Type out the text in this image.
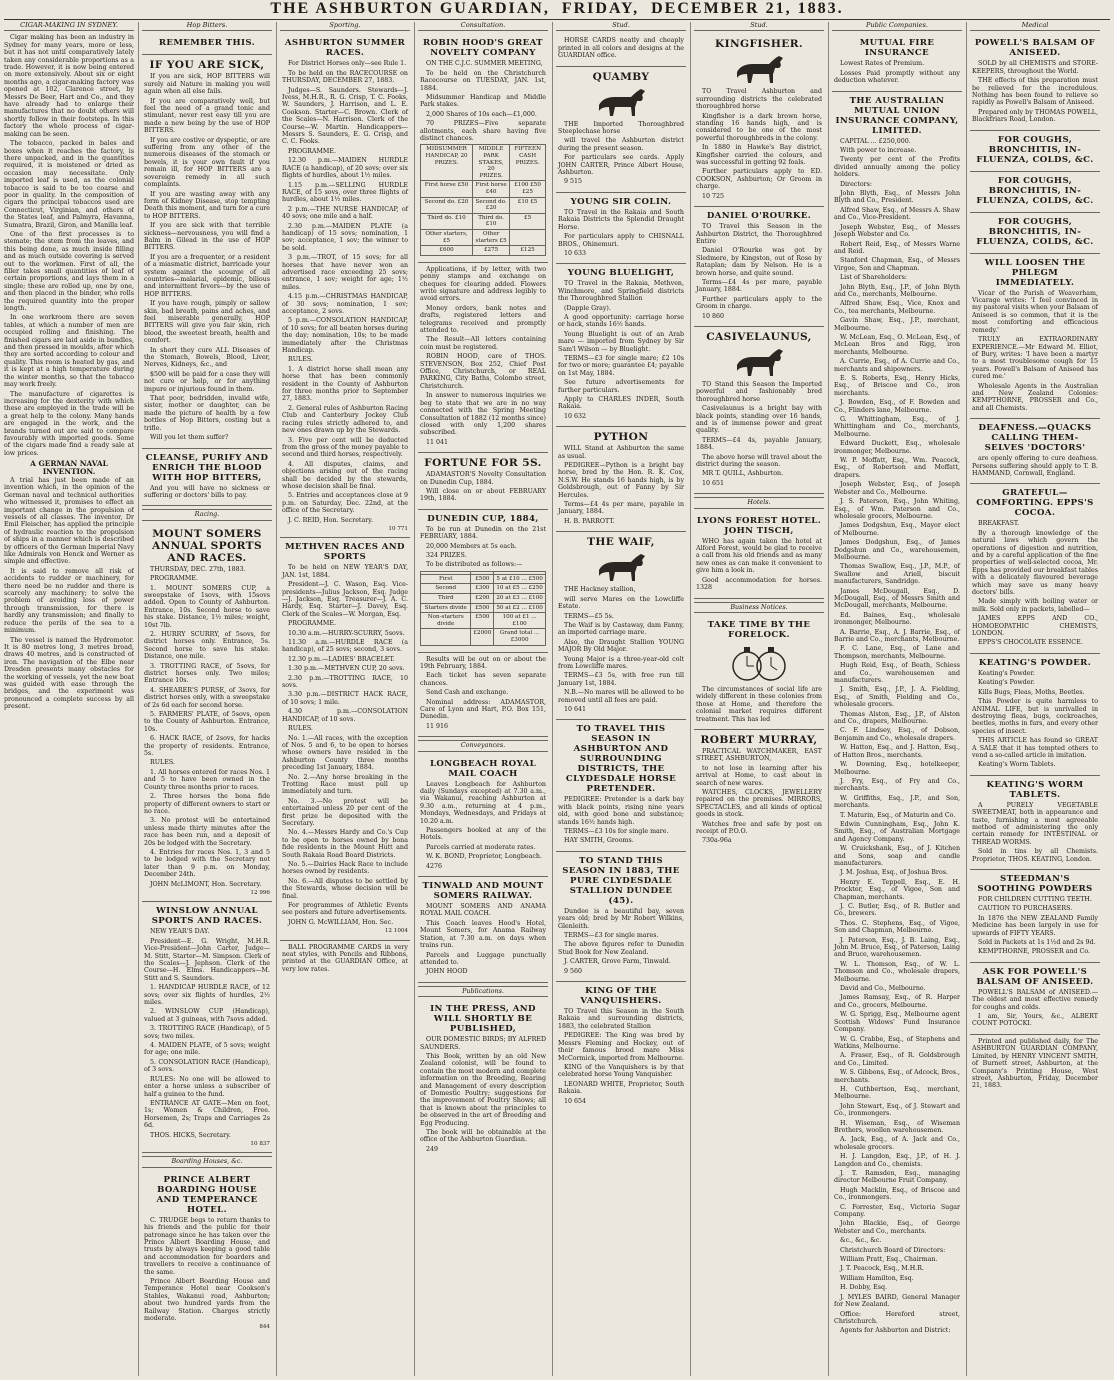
THE ASHBURTON GUARDIAN, FRIDAY, DECEMBER 21, 1883.
CIGAR-MAKING IN SYDNEY.

Cigar making has been an industry in Sydney for many years, more or less, but it has not until comparatively lately taken any considerable proportions as a trade. However, it is now being entered on more extensively. About six or eight months ago, a cigar-making factory was opened at 102, Clarence street, by Messrs De Beer, Hart and Co., and they have already had to enlarge their manufactures that no doubt others will shortly follow in their footsteps. In this factory the whole process of cigar-making can be seen.

The tobacco, packed in bales and boxes when it reaches the factory, is there unpacked, and in the quantities required, it is moistened or dried as occasion may necessitate. Only imported leaf is used, as the colonial tobacco is said to be too coarse and poor in quality. In the composition of cigars the principal tobaccos used are Connecticut, Virginian, and others of the States leaf, and Palmyra, Havanna, Sumatra, Brazil, Giron, and Manilla leaf.

One of the first processes is to stemate; the stem from the leaves, and this being done, as much inside filling and as much outside covering is served out to the workmen. First of all, the filler takes small quantities of leaf of certain proportions, and lays them in a single; these are rolled up, one by one, and then placed in the binder, who rolls the required quantity into the proper length.

In one workroom there are seven tables, at which a number of men are occupied rolling and finishing. The finished cigars are laid aside in bundles, and then pressed in moulds, after which they are sorted according to colour and quality. This room is heated by gas, and it is kept at a high temperature during the winter months, so that the tobacco may work freely.

The manufacture of cigarettes is increasing for the dexterity with which these are employed in the trade will be a great help to the colony. Many hands are engaged in the work, and the brands turned out are said to compare favourably with imported goods. Some of the cigars made find a ready sale at low prices.

A GERMAN NAVAL INVENTION.

A trial has just been made of an invention which, in the opinion of the German naval and technical authorities who witnessed it, promises to effect an important change in the propulsion of vessels of all classes. The inventor, Dr Emil Fleischer, has applied the principle of hydraulic reaction to the propulsion of ships in a manner which is described by officers of the German Imperial Navy like Admirals von Henck and Werner as simple and effective.

It is said to remove all risk of accidents to rudder or machinery, for there need be no rudder and there is scarcely any machinery; to solve the problem of avoiding loss of power through transmission, for there is hardly any transmission; and finally to reduce the perils of the sea to a minimum.

The vessel is named the Hydromotor. It is 80 metres long, 3 metres broad, draws 40 metres, and is constructed of iron. The navigation of the Elbe near Dresden presents many obstacles for the working of vessels, yet the new boat was guided with ease through the bridges, and the experiment was pronounced a complete success by all present.

Hop Bitters.
REMEMBER THIS.
IF YOU ARE SICK,

If you are sick, HOP BITTERS will surely aid Nature in making you well again when all else fails.

If you are comparatively well, but feel the need of a grand tonic and stimulant, never rest easy till you are made a new being by the use of HOP BITTERS.

If you are costive or dyspeptic, or are suffering from any other of the numerous diseases of the stomach or bowels, it is your own fault if you remain ill, for HOP BITTERS are a sovereign remedy in all such complaints.

If you are wasting away with any form of Kidney Disease, stop tempting Death this moment, and turn for a cure to HOP BITTERS.

If you are sick with that terrible sickness—nervousness, you will find a Balm in Gilead in the use of HOP BITTERS.

If you are a frequenter, or a resident of a miasmatic district, barricade your system against the scourge of all countries—malarial, epidemic, bilious and intermittent fevers—by the use of HOP BITTERS.

If you have rough, pimply or sallow skin, bad breath, pains and aches, and feel miserable generally, HOP BITTERS will give you fair skin, rich blood, the sweetest breath, health and comfort.

In short they cure ALL Diseases of the Stomach, Bowels, Blood, Liver, Nerves, Kidneys, &c., and

$500 will be paid for a case they will not cure or help, or for anything impure or injurious found in them.

That poor, bedridden, invalid wife, sister, mother or daughter, can be made the picture of health by a few bottles of Hop Bitters, costing but a trifle.

Will you let them suffer?

CLEANSE, PURIFY AND ENRICH THE BLOOD WITH HOP BITTERS,

And you will have no sickness or suffering or doctors' bills to pay.

Racing.
MOUNT SOMERS ANNUAL SPORTS AND RACES.

THURSDAY, DEC. 27th, 1883.

PROGRAMME.

1. MOUNT SOMERS CUP, a sweepstake of 1sovs, with 15sovs added. Open to County of Ashburton. Entrance, 10s. Second horse to save his stake. Distance, 1½ miles; weight, 10st 7lb.

2. HURRY SCURRY, of 5sovs, for district horses only. Entrance, 5s. Second horse to save his stake. Distance, one mile.

3. TROTTING RACE, of 5sovs, for district horses only. Two miles; Entrance 10s.

4. SHEARER'S PURSE, of 3sovs, for district horses only, with a sweepstake of 2s 6d each for second horse.

5. FARMERS' PLATE, of 5sovs, open to the County of Ashburton. Entrance, 10s.

6. HACK RACE, of 2sovs, for hacks the property of residents. Entrance, 5s.

RULES.

1. All horses entered for races Nos. 1 and 5 to have been owned in the County three months prior to races.

2. Three horses the bona fide property of different owners to start or no race.

3. No protest will be entertained unless made thirty minutes after the race has been run, and a deposit of 20s be lodged with the Secretary.

4. Entries for races Nos. 1, 3 and 5 to be lodged with the Secretary not later than 9 p.m. on Monday, December 24th.

JOHN McLIMONT, Hon. Secretary.

12 996
WINSLOW ANNUAL SPORTS AND RACES.

NEW YEAR'S DAY.

President—E. G. Wright, M.H.R. Vice-President—John Carter, Judge—M. Stitt, Starter—M. Simpson. Clerk of the Scales—J. Jephson. Clerk of the Course—H. Elms. Handicappers—M. Stitt and S. Saunders.

1. HANDICAP HURDLE RACE, of 12 sovs; over six flights of hurdles, 2½ miles.

2. WINSLOW CUP (Handicap), valued at 3 guineas, with 7sovs added.

3. TROTTING RACE (Handicap), of 5 sovs; two miles.

4. MAIDEN PLATE, of 5 sovs; weight for age; one mile.

5. CONSOLATION RACE (Handicap), of 3 sovs.

RULES: No one will be allowed to enter a horse unless a subscriber of half a guinea to the fund.

ENTRANCE AT GATE—Men on foot, 1s; Women & Children, Free. Horsemen, 2s; Traps and Carriages 2s 6d.

THOS. HICKS, Secretary.

10 837
Boarding Houses, &c.
PRINCE ALBERT BOARDING HOUSE AND TEMPERANCE HOTEL.

C. TRUDGE begs to return thanks to his friends and the public for their patronage since he has taken over the Prince Albert Boarding House, and trusts by always keeping a good table and accommodation for boarders and travellers to receive a continuance of the same.

Prince Albert Boarding House and Temperance Hotel near Cookson's Stables, Wakanui road, Ashburton; about two hundred yards from the Railway Station. Charges strictly moderate.

844
Sporting.
ASHBURTON SUMMER RACES.

For District Horses only—see Rule 1.

To be held on the RACECOURSE on THURSDAY, DECEMBER 27, 1883.

Judges—S. Saunders. Stewards—J. Ivess, M.H.R., R. G. Crisp, T. C. Fooks, W. Saunders, J. Harrison, and L. E. Cookson. Starter—C. Brown. Clerk of the Scales—N. Harrison. Clerk of the Course—W. Martin. Handicappers—Messrs S. Saunders, E. G. Crisp, and C. C. Fooks.

PROGRAMME.

12.30 p.m.—MAIDEN HURDLE RACE (a handicap), of 20 sovs; over six flights of hurdles, about 1½ miles.

1.15 p.m.—SELLING HURDLE RACE, of 15 sovs, over three flights of hurdles, about 1½ miles.

2 p.m.—THE NURSE HANDICAP, of 40 sovs; one mile and a half.

2.30 p.m.—MAIDEN PLATE (a handicap) of 15 sovs; nomination, 1 sov; acceptance, 1 sov; the winner to be sold.

3 p.m.—TROT, of 15 sovs; for all horses that have never won an advertised race exceeding 25 sovs; entrance, 1 sov; weight for age; 1½ miles.

4.15 p.m.—CHRISTMAS HANDICAP, of 30 sovs; nomination, 1 sov; acceptance, 2 sovs.

5 p.m.—CONSOLATION HANDICAP, of 10 sovs; for all beaten horses during the day; nomination, 10s; to be made immediately after the Christmas Handicap.

RULES.

1. A district horse shall mean any horse that has been commonly resident in the County of Ashburton for three months prior to September 27, 1883.

2. General rules of Ashburton Racing Club and Canterbury Jockey Club racing rules strictly adhered to, and new ones drawn up by the Stewards.

3. Five per cent will be deducted from the gross of the money payable to second and third horses, respectively.

4. All disputes, claims, and objections arising out of the racing shall be decided by the stewards, whose decision shall be final.

5. Entries and acceptances close at 9 p.m. on Saturday, Dec. 22nd, at the office of the Secretary.

J. C. REID, Hon. Secretary.

10 771
METHVEN RACES AND SPORTS

To be held on NEW YEAR'S DAY, JAN. 1st, 1884.

President—J. C. Wason, Esq. Vice-presidents—Julius Jackson, Esq. Judge—J. Jackson, Esq. Treasurer—J. A. C. Hardy, Esq. Starter—J. Davey, Esq. Clerk of the Scales—W. Morgan, Esq.

PROGRAMME.

10.30 a.m.—HURRY-SCURRY, 5sovs.

11.30 a.m.—HURDLE RACE (a handicap), of 25 sovs; second, 3 sovs.

12.30 p.m.—LADIES' BRACELET.

1.30 p.m.—METHVEN CUP, 20 sovs.

2.30 p.m.—TROTTING RACE, 10 sovs.

3.30 p.m.—DISTRICT HACK RACE, of 10 sovs; 1 mile.

4.30 p.m.—CONSOLATION HANDICAP, of 10 sovs.

RULES.

No. 1.—All races, with the exception of Nos. 5 and 6, to be open to horses whose owners have resided in the Ashburton County three months preceding 1st January, 1884.

No. 2.—Any horse breaking in the Trotting Race must pull up immediately and turn.

No. 3.—No protest will be entertained unless 20 per cent of the first prize be deposited with the Secretary.

No. 4.—Messrs Hardy and Co.'s Cup to be open to horses owned by bona fide residents in the Mount Hutt and South Rakaia Road Board Districts.

No. 5.—Dairies Hack Race to include horses owned by residents.

No. 6.—All disputes to be settled by the Stewards, whose decision will be final.

For programmes of Athletic Events see posters and future advertisements.

JOHN G. McWILLIAM, Hon. Sec.

12 1004

BALL PROGRAMME CARDS in very neat styles, with Pencils and Ribbons, printed at the GUARDIAN Office, at very low rates.

Consultation.
ROBIN HOOD'S GREAT NOVELTY COMPANY

ON THE C.J.C. SUMMER MEETING,

To be held on the Christchurch Racecourse on TUESDAY, JAN. 1st, 1884.

Midsummer Handicap and Middle Park stakes.

2,000 Shares of 10s each—£1,000.

70 PRIZES—Five separate allotments, each share having five distinct chances.

MIDSUMMER HANDICAP, 20 PRIZES.	MIDDLE PARK STAKES, 20 PRIZES.	FIFTEEN CASH PRIZES.
First horse £50	First horse £40	£100 £50 £25
Second do. £20	Second do. £20	£10 £5
Third do. £10	Third do. £10	£5
Other starters, £5	Other starters £5	
£600	£275	£125

Applications, if by letter, with two penny stamps and exchange on cheques for clearing added. Flowers write signature and address legibly to avoid errors.

Money orders, bank notes and drafts, registered letters and telegrams received and promptly attended to.

The Result—All letters containing coin must be registered.

ROBIN HOOD, care of THOS. STEVENSON, Box 252, Chief Post Office, Christchurch, or REAL PARKING, City Baths, Colombo street, Christchurch.

In answer to numerous inquiries we beg to state that we are in no way connected with the Spring Meeting Consultation of 1882 (12 months since) closed with only 1,200 shares subscribed.

11 041

FORTUNE FOR 5S.

ADAMASTOR'S Novelty Consultation on Dunedin Cup, 1884.

Will close on or about FEBRUARY 19th, 1884.

DUNEDIN CUP, 1884,

To be run at Dunedin on the 21st FEBRUARY, 1884.

20,000 Members at 5s each.

324 PRIZES.

To be distributed as follows:—

First	£500	5 at £10 ... £500
Second	£300	10 at £5 ... £250
Third	£200	20 at £3 ... £100
Starters divide	£500	50 at £2 ... £100
Non-starters divide	£500	100 at £1 ... £100
	£2000	Grand total ... £3000

Results will be out on or about the 19th February, 1884.

Each ticket has seven separate chances.

Send Cash and exchange.

Nominal address: ADAMASTOR, Care of Lyon and Hart, P.O. Box 151, Dunedin.

11 916

Conveyances.
LONGBEACH ROYAL MAIL COACH

Leaves Longbeach for Ashburton daily (Sundays excepted) at 7.30 a.m., via Wakanui, reaching Ashburton at 9.30 a.m., returning at 4 p.m., Mondays, Wednesdays, and Fridays at 10.20 a.m.

Passengers booked at any of the Hotels.

Parcels carried at moderate rates.

W. K. BOND, Proprietor, Longbeach.

4276

TINWALD AND MOUNT SOMERS RAILWAY.

MOUNT SOMERS AND ANAMA ROYAL MAIL COACH.

This Coach leaves Hood's Hotel, Mount Somers, for Anama Railway Station, at 7.30 a.m. on days when trains run.

Parcels and Luggage punctually attended to.

JOHN HOOD

Publications.
IN THE PRESS, AND WILL SHORTLY BE PUBLISHED,

OUR DOMESTIC BIRDS; BY ALFRED SAUNDERS.

This Book, written by an old New Zealand colonist, will be found to contain the most modern and complete information on the Breeding, Rearing and Management of every description of Domestic Poultry; suggestions for the improvement of Poultry Shows; all that is known about the principles to be observed in the art of Breeding and Egg Producing.

The book will be obtainable at the office of the Ashburton Guardian.

249

Stud.

HORSE CARDS neatly and cheaply printed in all colors and designs at the GUARDIAN office.

QUAMBY

THE Imported Thoroughbred Steeplechase horse

will travel the Ashburton district during the present season.

For particulars see cards. Apply JOHN CARTER, Prince Albert House, Ashburton.

9 515

YOUNG SIR COLIN.

TO Travel in the Rakaia and South Rakaia Districts the Splendid Draught Horse.

For particulars apply to CHISNALL BROS., Ohinemuri.

10 633

YOUNG BLUELIGHT,

TO Travel in the Rakaia, Methven, Winchmore, and Springfield districts the Thoroughbred Stallion

(Dapple Gray).

A good opportunity: carriage horse or hack, stands 16½ hands.

Young Bluelight is out of an Arab mare — imported from Sydney by Sir Sam'l Wilson — by Bluelight.

TERMS—£3 for single mare; £2 10s for two or more; guarantee £4; payable on 1st May, 1884.

See future advertisements for further particulars.

Apply to CHARLES INDER, South Rakaia.

10 632

PYTHON

WILL Stand at Ashburton the same as usual.

PEDIGREE—Python is a bright bay horse, bred by the Hon. R. K. Cox, N.S.W. He stands 16 hands high, is by Goldsbrough, out of Fanny by Sir Hercules.

Terms—£4 4s per mare, payable in January, 1884.

H. B. PARROTT.

THE WAIF,

THE Hackney stallion,

will serve Mares on the Lowcliffe Estate.

TERMS—£5 5s.

The Waif is by Castaway, dam Fanny, an imported carriage mare.

Also, the Draught Stallion YOUNG MAJOR By Old Major.

Young Major is a three-year-old colt from Lowcliffe mares.

TERMS—£3 5s, with free run till January 1st, 1884.

N.B.—No mares will be allowed to be removed until all fees are paid.

10 641

TO TRAVEL THIS SEASON IN ASHBURTON AND SURROUNDING DISTRICTS, THE CLYDESDALE HORSE PRETENDER.

PEDIGREE: Pretender is a dark bay with black points, rising nine years old, with good bone and substance; stands 16½ hands high.

TERMS—£3 10s for single mare.

HAY SMITH, Grooms.

TO STAND THIS SEASON IN 1883, THE PURE CLYDESDALE STALLION DUNDEE (45).

Dundee is a beautiful bay, seven years old; bred by Mr Robert Wilkins, Glenleith.

TERMS—£3 for single mares.

The above figures refer to Dunedin Stud Book for New Zealand.

J. CARTER, Grove Farm, Tinwald.

9 560

KING OF THE VANQUISHERS.

TO Travel this Season in the South Rakaia and surrounding districts, 1883, the celebrated Stallion

PEDIGREE: The King was bred by Messrs Fleming and Hockey, out of their famous brood mare Miss McCormick, imported from Melbourne.

KING of the Vanquishers is by that celebrated horse Young Vanquisher.

LEONARD WHITE, Proprietor, South Rakaia.

10 654

Stud.
KINGFISHER.

TO Travel Ashburton and surrounding districts the celebrated thoroughbred horse

Kingfisher is a dark brown horse, standing 16 hands high, and is considered to be one of the most powerful thoroughbreds in the colony.

In 1880 in Hawke's Bay district, Kingfisher carried the colours, and was successful in getting 92 foals.

Further particulars apply to ED. COOKSON, Ashburton; Or Groom in charge.

10 725

DANIEL O'ROURKE.

TO Travel this Season in the Ashburton District, the Thoroughbred Entire

Daniel O'Rourke was got by Sledmere, by Kingston, out of Rose by Rataplan; dam by Nelson. He is a brown horse, and quite sound.

Terms—£4 4s per mare, payable January, 1884.

Further particulars apply to the Groom in charge.

10 860

CASIVELAUNUS,

TO Stand this Season the Imported powerful and fashionably bred thoroughbred horse

Casivelaunus is a bright bay with black points, standing over 16 hands, and is of immense power and great quality.

TERMS—£4 4s, payable January, 1884.

The above horse will travel about the district during the season.

MR T. QUILL, Ashburton.

10 651

Hotels.
LYONS FOREST HOTEL. JOHN TISCH,

WHO has again taken the hotel at Alford Forest, would be glad to receive a call from his old friends and as many new ones as can make it convenient to give him a look in.

Good accommodation for horses. 1328

Business Notices.
TAKE TIME BY THE FORELOCK.

The circumstances of social life are widely different in these colonies from those at Home, and therefore the colonial market requires different treatment. This has led

ROBERT MURRAY,

PRACTICAL WATCHMAKER, EAST STREET, ASHBURTON,

to not lose in learning after his arrival at Home, to cast about in search of new wares.

WATCHES, CLOCKS, JEWELLERY repaired on the premises. MIRRORS, SPECTACLES, and all kinds of optical goods in stock.

Watches free and safe by post on receipt of P.O.O.

730a-96a

Public Companies.
MUTUAL FIRE INSURANCE

Lowest Rates of Premium.

Losses Paid promptly without any deduction whatever.

THE AUSTRALIAN MUTUAL UNION INSURANCE COMPANY, LIMITED.

CAPITAL ... £250,000.

With power to increase.

Twenty per cent of the Profits divided annually among the policy holders.

Directors:

John Blyth, Esq., of Messrs John Blyth and Co., President.

Alfred Shaw, Esq., of Messrs A. Shaw and Co., Vice-President.

Joseph Webster, Esq., of Messrs Joseph Webster and Co.

Robert Reid, Esq., of Messrs Warne and Reid.

Stanford Chapman, Esq., of Messrs Virgoe, Son and Chapman.

List of Shareholders:

John Blyth, Esq., J.P., of John Blyth and Co., merchants, Melbourne.

Alfred Shaw, Esq., Vice, Knox and Co., tea merchants, Melbourne.

Gavin Shaw, Esq., J.P., merchant, Melbourne.

W. McLean, Esq., O. McLean, Esq., of McLean Bros and Rigg, iron merchants, Melbourne.

A. Currie, Esq., of A. Currie and Co., merchants and shipowners.

E. S. Roberts, Esq., Henry Hicks, Esq., of Briscoe and Co., iron merchants.

J. Bowden, Esq., of F. Bowden and Co., Flinders lane, Melbourne.

G. Whittingham, Esq., of J. Whittingham and Co., merchants, Melbourne.

Edward Duckett, Esq., wholesale ironmonger, Melbourne.

W. P. Moffatt, Esq., Wm. Peacock, Esq., of Robertson and Moffatt, drapers.

Joseph Webster, Esq., of Joseph Webster and Co., Melbourne.

J. S. Paterson, Esq., John Whiting, Esq., of Wm. Paterson and Co., wholesale grocers, Melbourne.

James Dodgshun, Esq., Mayor elect of Melbourne.

James Dodgshun, Esq., of James Dodgshun and Co., warehousemen, Melbourne.

Thomas Swallow, Esq., J.P., M.P., of Swallow and Ariell, biscuit manufacturers, Sandridge.

James McDougall, Esq., D. McDougall, Esq., of Messrs Smith and McDougall, merchants, Melbourne.

Ed. Baines, Esq., wholesale ironmonger, Melbourne.

A. Barrie, Esq., A. J. Barrie, Esq., of Barrie and Co., merchants, Melbourne.

F. C. Lane, Esq., of Lane and Thompson, merchants, Melbourne.

Hugh Reid, Esq., of Beath, Schiess and Co., warehousemen and manufacturers.

J. Smith, Esq., J.P., J. A. Fielding, Esq., of Smith, Fielding and Co., wholesale grocers.

Thomas Alston, Esq., J.P., of Alston and Co., drapers, Melbourne.

C. F. Lindsey, Esq., of Dobson, Benjamin and Co., wholesale drapers.

W. Hatton, Esq., and J. Hatton, Esq., of Hatton Bros., merchants.

W. Downing, Esq., hotelkeeper, Melbourne.

J. Fry, Esq., of Fry and Co., merchants.

W. Griffiths, Esq., J.P., and Son, merchants.

T. Maturin, Esq., of Maturin and Co.

Edwin Cunningham, Esq., John K. Smith, Esq., of Australian Mortgage and Agency Company.

W. Cruickshank, Esq., of J. Kitchen and Sons, soap and candle manufacturers.

J. M. Joshua, Esq., of Joshua Bros.

Henry E. Teppell, Esq., E. H. Prockter, Esq., of Vigoe, Son and Chapman, merchants.

J. C. Butler, Esq., of R. Butler and Co., brewers.

Thos. C. Stephens, Esq., of Vigoe, Son and Chapman, Melbourne.

J. Paterson, Esq., J. B. Laing, Esq., John M. Bruce, Esq., of Paterson, Laing and Bruce, warehousemen.

W. L. Thomson, Esq., of W. L. Thomson and Co., wholesale drapers, Melbourne.

David and Co., Melbourne.

James Ramsay, Esq., of R. Harper and Co., grocers, Melbourne.

W. G. Sprigg, Esq., Melbourne agent Scottish Widows' Fund Insurance Company.

W. G. Crabbe, Esq., of Stephens and Watkins, Melbourne.

A. Fraser, Esq., of R. Goldsbrough and Co., Limited.

W. S. Gibbons, Esq., of Adcock, Bros., merchants.

H. Cuthbertson, Esq., merchant, Melbourne.

John Stewart, Esq., of J. Stewart and Co., ironmongers.

H. Wiseman, Esq., of Wiseman Brothers, woollen warehousemen.

A. Jack, Esq., of A. Jack and Co., wholesale grocers.

H. J. Langdon, Esq., J.P., of H. J. Langdon and Co., chemists.

J. T. Ramsden, Esq., managing director Melbourne Fruit Company.

Hugh Macklin, Esq., of Briscoe and Co., ironmongers.

C. Forrester, Esq., Victoria Sugar Company.

John Blackie, Esq., of George Webster and Co., merchants.

&c., &c., &c.

Christchurch Board of Directors:

William Pratt, Esq., Chairman.

J. T. Peacock, Esq., M.H.R.

William Hamilton, Esq.

H. Dobby, Esq.

J. MYLES BAIRD, General Manager for New Zealand.

Office: Hereford street, Christchurch.

Agents for Ashburton and District:

Medical
POWELL'S BALSAM OF ANISEED.

SOLD by all CHEMISTS and STORE-KEEPERS, throughout the World.

THE effects of this preparation must be relieved for the incredulous. Nothing has been found to relieve so rapidly as Powell's Balsam of Aniseed.

Prepared only by THOMAS POWELL, Blackfriars Road, London.

FOR COUGHS, BRONCHITIS, IN- FLUENZA, COLDS, &C.
FOR COUGHS, BRONCHITIS, IN- FLUENZA, COLDS, &C.
FOR COUGHS, BRONCHITIS, IN- FLUENZA, COLDS, &C.
WILL LOOSEN THE PHLEGM IMMEDIATELY.

Vicar of the Parish of Weaverham, Vicarage writes: 'I feel convinced in my pastoral visits when your Balsam of Aniseed is so common, that it is the most comforting and efficacious remedy.'

TRULY an EXTRAORDINARY EXPERIENCE.—Mr Edward M. Elliot, of Bury, writes: 'I have been a martyr to a most troublesome cough for 15 years. Powell's Balsam of Aniseed has cured me.'

Wholesale Agents in the Australian and New Zealand Colonies: KEMPTHORNE, PROSSER and Co., and all Chemists.

DEAFNESS.—QUACKS CALLING THEM-SELVES 'DOCTORS'

are openly offering to cure deafness. Persons suffering should apply to T. B. HAMMAND, Cornwall, England.

GRATEFUL—COMFORTING. EPPS'S COCOA.

BREAKFAST.

By a thorough knowledge of the natural laws which govern the operations of digestion and nutrition, and by a careful application of the fine properties of well-selected cocoa, Mr. Epps has provided our breakfast tables with a delicately flavoured beverage which may save us many heavy doctors' bills.

Made simply with boiling water or milk. Sold only in packets, labelled—

JAMES EPPS AND CO., HOMOEOPATHIC CHEMISTS, LONDON.

EPPS'S CHOCOLATE ESSENCE.

KEATING'S POWDER.

Keating's Powder.

Keating's Powder.

Kills Bugs, Fleas, Moths, Beetles.

This Powder is quite harmless to ANIMAL LIFE, but is unrivalled in destroying fleas, bugs, cockroaches, beetles, moths in furs, and every other species of insect.

THIS ARTICLE has found so GREAT A SALE that it has tempted others to vend a so-called article in imitation.

Keating's Worm Tablets.

KEATING'S WORM TABLETS.

A PURELY VEGETABLE SWEETMEAT, both in appearance and taste, furnishing a most agreeable method of administering the only certain remedy for INTESTINAL or THREAD WORMS.

Sold in tins by all Chemists. Proprietor, THOS. KEATING, London.

STEEDMAN'S SOOTHING POWDERS

FOR CHILDREN CUTTING TEETH.

CAUTION TO PURCHASERS.

In 1876 the NEW ZEALAND Family Medicine has been largely in use for upwards of FIFTY YEARS.

Sold in Packets at 1s 1½d and 2s 9d.

KEMPTHORNE, PROSSER and Co.

ASK FOR POWELL'S BALSAM OF ANISEED.

POWELL'S BALSAM of ANISEED.—The oldest and most effective remedy for coughs and colds.

I am, Sir, Yours, &c., ALBERT COUNT POTOCKI.

Printed and published daily, for The ASHBURTON GUARDIAN COMPANY, Limited, by HENRY VINCENT SMITH, of Burnett street, Ashburton, at the Company's Printing House, West street, Ashburton, Friday, December 21, 1883.
